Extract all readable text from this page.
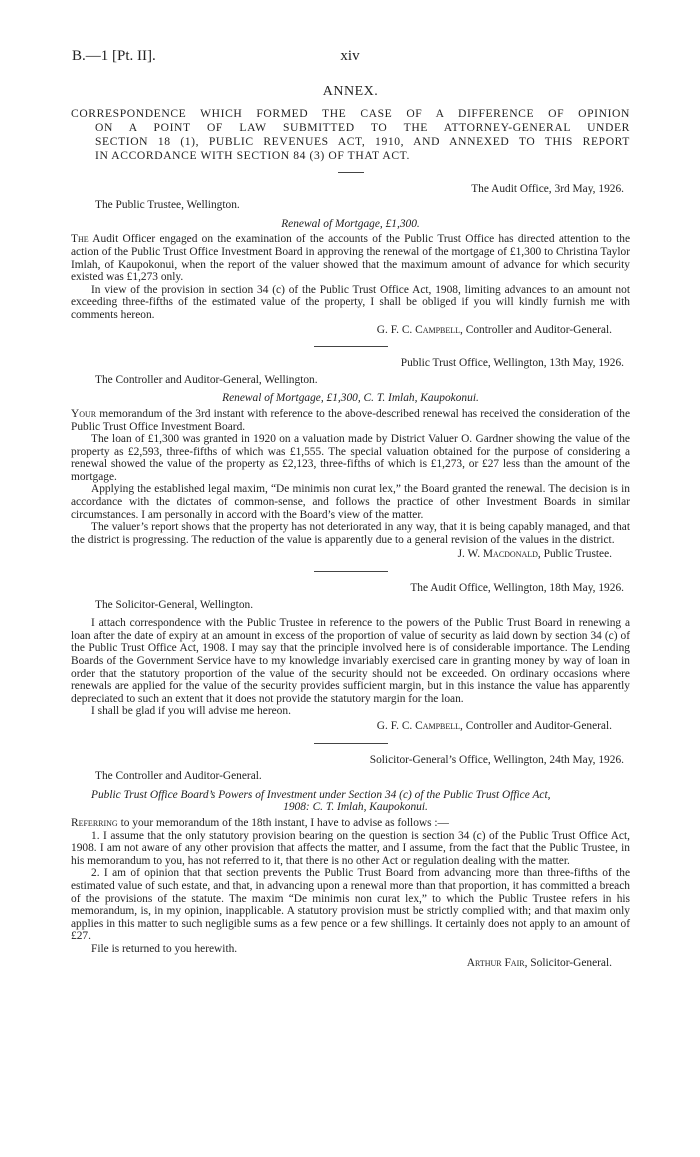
B.—1 [Pt. II].	xiv
ANNEX.
CORRESPONDENCE WHICH FORMED THE CASE OF A DIFFERENCE OF OPINION
ON A POINT OF LAW SUBMITTED TO THE ATTORNEY-GENERAL UNDER
SECTION 18 (1), PUBLIC REVENUES ACT, 1910, AND ANNEXED TO THIS REPORT
IN ACCORDANCE WITH SECTION 84 (3) OF THAT ACT.
The Audit Office, 3rd May, 1926.
The Public Trustee, Wellington.
Renewal of Mortgage, £1,300.

The Audit Officer engaged on the examination of the accounts of the Public Trust Office has directed attention to the action of the Public Trust Office Investment Board in approving the renewal of the mortgage of £1,300 to Christina Taylor Imlah, of Kaupokonui, when the report of the valuer showed that the maximum amount of advance for which security existed was £1,273 only.

In view of the provision in section 34 (c) of the Public Trust Office Act, 1908, limiting advances to an amount not exceeding three-fifths of the estimated value of the property, I shall be obliged if you will kindly furnish me with comments hereon.

G. F. C. Campbell, Controller and Auditor-General.
Public Trust Office, Wellington, 13th May, 1926.
The Controller and Auditor-General, Wellington.
Renewal of Mortgage, £1,300, C. T. Imlah, Kaupokonui.

Your memorandum of the 3rd instant with reference to the above-described renewal has received the consideration of the Public Trust Office Investment Board.

The loan of £1,300 was granted in 1920 on a valuation made by District Valuer O. Gardner showing the value of the property as £2,593, three-fifths of which was £1,555. The special valuation obtained for the purpose of considering a renewal showed the value of the property as £2,123, three-fifths of which is £1,273, or £27 less than the amount of the mortgage.

Applying the established legal maxim, “De minimis non curat lex,” the Board granted the renewal. The decision is in accordance with the dictates of common-sense, and follows the practice of other Investment Boards in similar circumstances. I am personally in accord with the Board’s view of the matter.

The valuer’s report shows that the property has not deteriorated in any way, that it is being capably managed, and that the district is progressing. The reduction of the value is apparently due to a general revision of the values in the district.

J. W. Macdonald, Public Trustee.
The Audit Office, Wellington, 18th May, 1926.
The Solicitor-General, Wellington.

I attach correspondence with the Public Trustee in reference to the powers of the Public Trust Board in renewing a loan after the date of expiry at an amount in excess of the proportion of value of security as laid down by section 34 (c) of the Public Trust Office Act, 1908. I may say that the principle involved here is of considerable importance. The Lending Boards of the Government Service have to my knowledge invariably exercised care in granting money by way of loan in order that the statutory proportion of the value of the security should not be exceeded. On ordinary occasions where renewals are applied for the value of the security provides sufficient margin, but in this instance the value has apparently depreciated to such an extent that it does not provide the statutory margin for the loan.

I shall be glad if you will advise me hereon.

G. F. C. Campbell, Controller and Auditor-General.
Solicitor-General’s Office, Wellington, 24th May, 1926.
The Controller and Auditor-General.
Public Trust Office Board’s Powers of Investment under Section 34 (c) of the Public Trust Office Act,
1908: C. T. Imlah, Kaupokonui.

Referring to your memorandum of the 18th instant, I have to advise as follows :—

1. I assume that the only statutory provision bearing on the question is section 34 (c) of the Public Trust Office Act, 1908. I am not aware of any other provision that affects the matter, and I assume, from the fact that the Public Trustee, in his memorandum to you, has not referred to it, that there is no other Act or regulation dealing with the matter.

2. I am of opinion that that section prevents the Public Trust Board from advancing more than three-fifths of the estimated value of such estate, and that, in advancing upon a renewal more than that proportion, it has committed a breach of the provisions of the statute. The maxim “De minimis non curat lex,” to which the Public Trustee refers in his memorandum, is, in my opinion, inapplicable. A statutory provision must be strictly complied with; and that maxim only applies in this matter to such negligible sums as a few pence or a few shillings. It certainly does not apply to an amount of £27.

File is returned to you herewith.

Arthur Fair, Solicitor-General.
